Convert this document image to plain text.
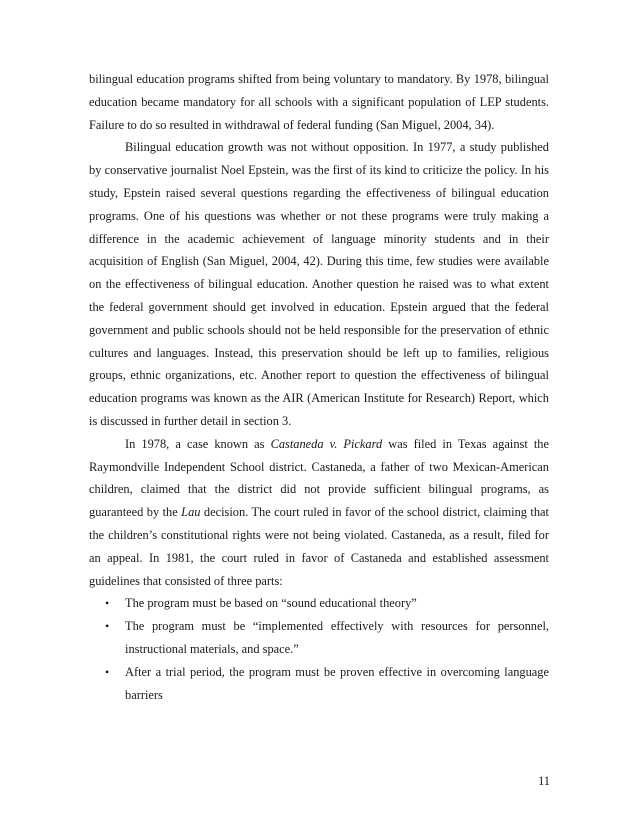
bilingual education programs shifted from being voluntary to mandatory. By 1978, bilingual education became mandatory for all schools with a significant population of LEP students. Failure to do so resulted in withdrawal of federal funding (San Miguel, 2004, 34).

Bilingual education growth was not without opposition. In 1977, a study published by conservative journalist Noel Epstein, was the first of its kind to criticize the policy. In his study, Epstein raised several questions regarding the effectiveness of bilingual education programs. One of his questions was whether or not these programs were truly making a difference in the academic achievement of language minority students and in their acquisition of English (San Miguel, 2004, 42). During this time, few studies were available on the effectiveness of bilingual education. Another question he raised was to what extent the federal government should get involved in education. Epstein argued that the federal government and public schools should not be held responsible for the preservation of ethnic cultures and languages. Instead, this preservation should be left up to families, religious groups, ethnic organizations, etc. Another report to question the effectiveness of bilingual education programs was known as the AIR (American Institute for Research) Report, which is discussed in further detail in section 3.

In 1978, a case known as Castaneda v. Pickard was filed in Texas against the Raymondville Independent School district. Castaneda, a father of two Mexican-American children, claimed that the district did not provide sufficient bilingual programs, as guaranteed by the Lau decision. The court ruled in favor of the school district, claiming that the children’s constitutional rights were not being violated. Castaneda, as a result, filed for an appeal. In 1981, the court ruled in favor of Castaneda and established assessment guidelines that consisted of three parts:

• The program must be based on “sound educational theory”
• The program must be “implemented effectively with resources for personnel, instructional materials, and space.”
• After a trial period, the program must be proven effective in overcoming language barriers
11
